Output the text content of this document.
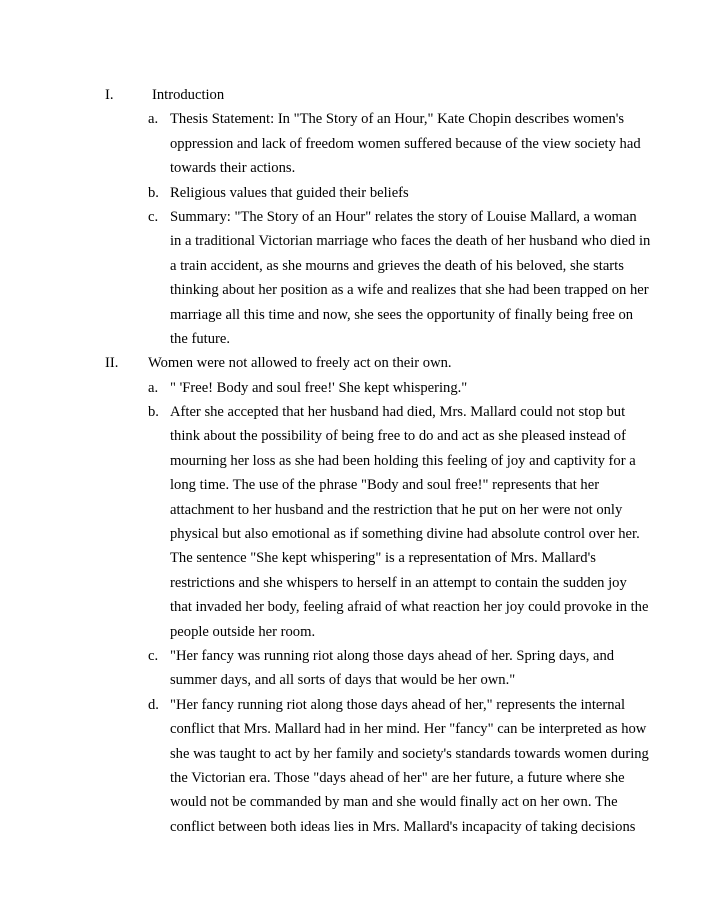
I.	Introduction
a. Thesis Statement: In "The Story of an Hour," Kate Chopin describes women's
oppression and lack of freedom women suffered because of the view society had
towards their actions.
b. Religious values that guided their beliefs
c. Summary: "The Story of an Hour" relates the story of Louise Mallard, a woman
in a traditional Victorian marriage who faces the death of her husband who died in
a train accident, as she mourns and grieves the death of his beloved, she starts
thinking about her position as a wife and realizes that she had been trapped on her
marriage all this time and now, she sees the opportunity of finally being free on
the future.
II. Women were not allowed to freely act on their own.
a. " 'Free! Body and soul free!' She kept whispering."
b. After she accepted that her husband had died, Mrs. Mallard could not stop but
think about the possibility of being free to do and act as she pleased instead of
mourning her loss as she had been holding this feeling of joy and captivity for a
long time. The use of the phrase "Body and soul free!" represents that her
attachment to her husband and the restriction that he put on her were not only
physical but also emotional as if something divine had absolute control over her.
The sentence "She kept whispering" is a representation of Mrs. Mallard's
restrictions and she whispers to herself in an attempt to contain the sudden joy
that invaded her body, feeling afraid of what reaction her joy could provoke in the
people outside her room.
c. "Her fancy was running riot along those days ahead of her. Spring days, and
summer days, and all sorts of days that would be her own."
d. "Her fancy running riot along those days ahead of her," represents the internal
conflict that Mrs. Mallard had in her mind. Her "fancy" can be interpreted as how
she was taught to act by her family and society's standards towards women during
the Victorian era. Those "days ahead of her" are her future, a future where she
would not be commanded by man and she would finally act on her own. The
conflict between both ideas lies in Mrs. Mallard's incapacity of taking decisions
